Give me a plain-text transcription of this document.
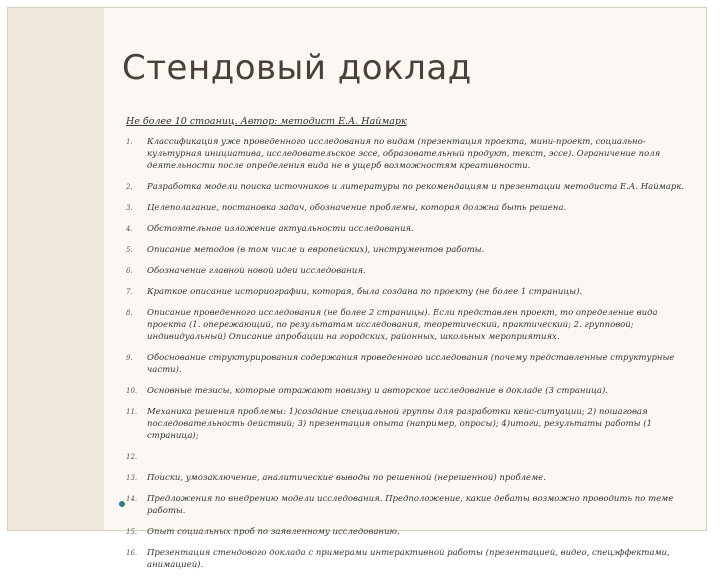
Стендовый доклад
Не более 10 стоаниц. Автор: методист Е.А. Наймарк
1. Классификация уже проведенного исследования по видам (презентация проекта, мини-проект, социально-культурная инициатива, исследовательское эссе, образовательный продукт, текст, эссе). Ограничение поля деятельности после определения вида не в ущерб возможностям креативности.
2. Разработка модели поиска источников и литературы по рекомендациям и презентации методиста Е.А. Наймарк.
3. Целеполагание, постановка задач, обозначение проблемы, которая должна быть решена.
4. Обстоятельное изложение актуальности исследования.
5. Описание методов (в том числе и европейских), инструментов работы.
6. Обозначение главной новой идеи исследования.
7. Краткое описание историографии, которая, была создана по проекту (не более 1 страницы).
8. Описание проведенного исследования (не более 2 страницы). Если представлен проект, то определение вида проекта (1. опережающий, по результатам исследования, теоретический, практический; 2. групповой; индивидуальный) Описание апробации на городских, районных, школьных мероприятиях.
9. Обоснование структурирования содержания проведенного исследования (почему представленные структурные части).
10. Основные тезисы, которые отражают новизну и авторское исследование в докладе (3 страница).
11. Механика решения проблемы: 1)создание специальной группы для разработки кейс-ситуации; 2) пошаговая последовательность действий; 3) презентация опыта (например, опросы); 4)итоги, результаты работы (1 страница);
12.
13. Поиски, умозаключение, аналитические выводы по решенной (нерешенной) проблеме.
14. Предложения по внедрению модели исследования. Предположение, какие дебаты возможно проводить по теме работы.
15. Опыт социальных проб по заявленному исследованию.
16. Презентация стендового доклада с примерами интерактивной работы (презентацией, видео, спецэффектами, анимацией).
